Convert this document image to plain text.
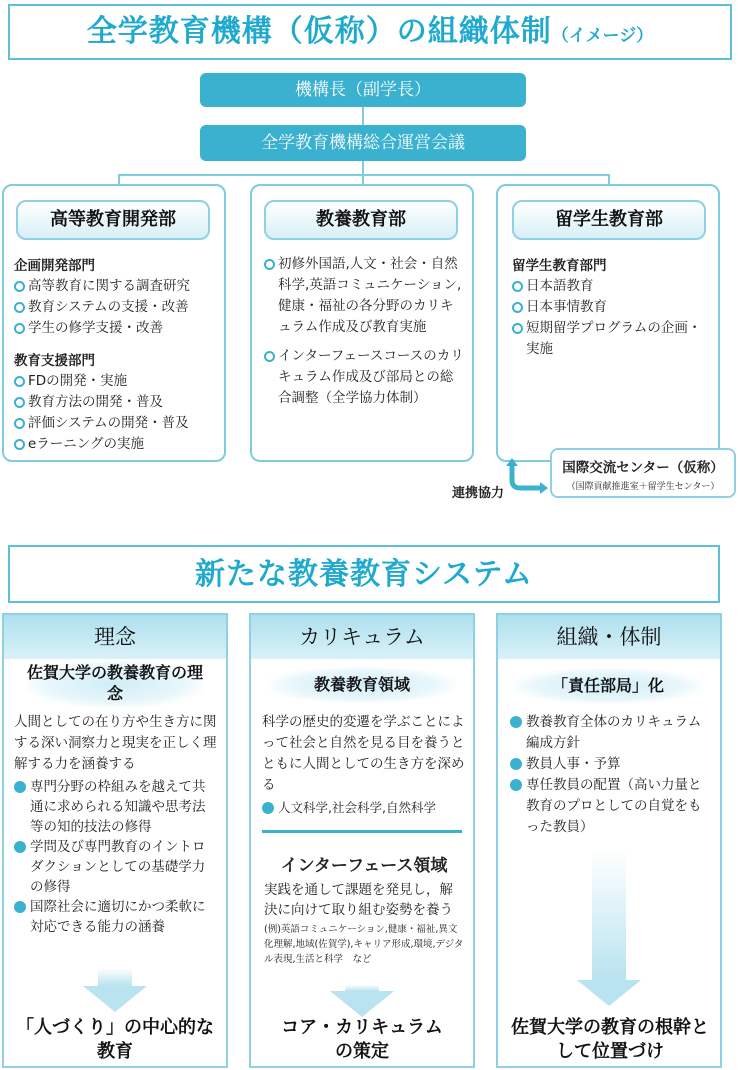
全学教育機構（仮称）の組織体制（イメージ）
機構長（副学長）
全学教育機構総合運営会議
高等教育開発部
企画開発部門
高等教育に関する調査研究
教育システムの支援・改善
学生の修学支援・改善
教育支援部門
FDの開発・実施
教育方法の開発・普及
評価システムの開発・普及
eラーニングの実施
教養教育部
初修外国語,人文・社会・自然科学,英語コミュニケーション,健康・福祉の各分野のカリキュラム作成及び教育実施
インターフェースコースのカリキュラム作成及び部局との総合調整（全学協力体制）
留学生教育部
留学生教育部門
日本語教育
日本事情教育
短期留学プログラムの企画・実施
国際交流センター（仮称）
（国際貢献推進室＋留学生センター）
連携協力
新たな教養教育システム
理念
佐賀大学の教養教育の理念
人間としての在り方や生き方に関する深い洞察力と現実を正しく理解する力を涵養する
専門分野の枠組みを越えて共通に求められる知識や思考法等の知的技法の修得
学問及び専門教育のイントロダクションとしての基礎学力の修得
国際社会に適切にかつ柔軟に対応できる能力の涵養
「人づくり」の中心的な教育
カリキュラム
教養教育領域
科学の歴史的変遷を学ぶことによって社会と自然を見る目を養うとともに人間としての生き方を深める
人文科学,社会科学,自然科学
インターフェース領域
実践を通して課題を発見し，解決に向けて取り組む姿勢を養う
(例)英語コミュニケーション,健康・福祉,異文化理解,地域(佐賀学),キャリア形成,環境,デジタル表現,生活と科学　など
コア・カリキュラムの策定
組織・体制
「責任部局」化
教養教育全体のカリキュラム編成方針
教員人事・予算
専任教員の配置（高い力量と教育のプロとしての自覚をもった教員）
佐賀大学の教育の根幹として位置づけ
